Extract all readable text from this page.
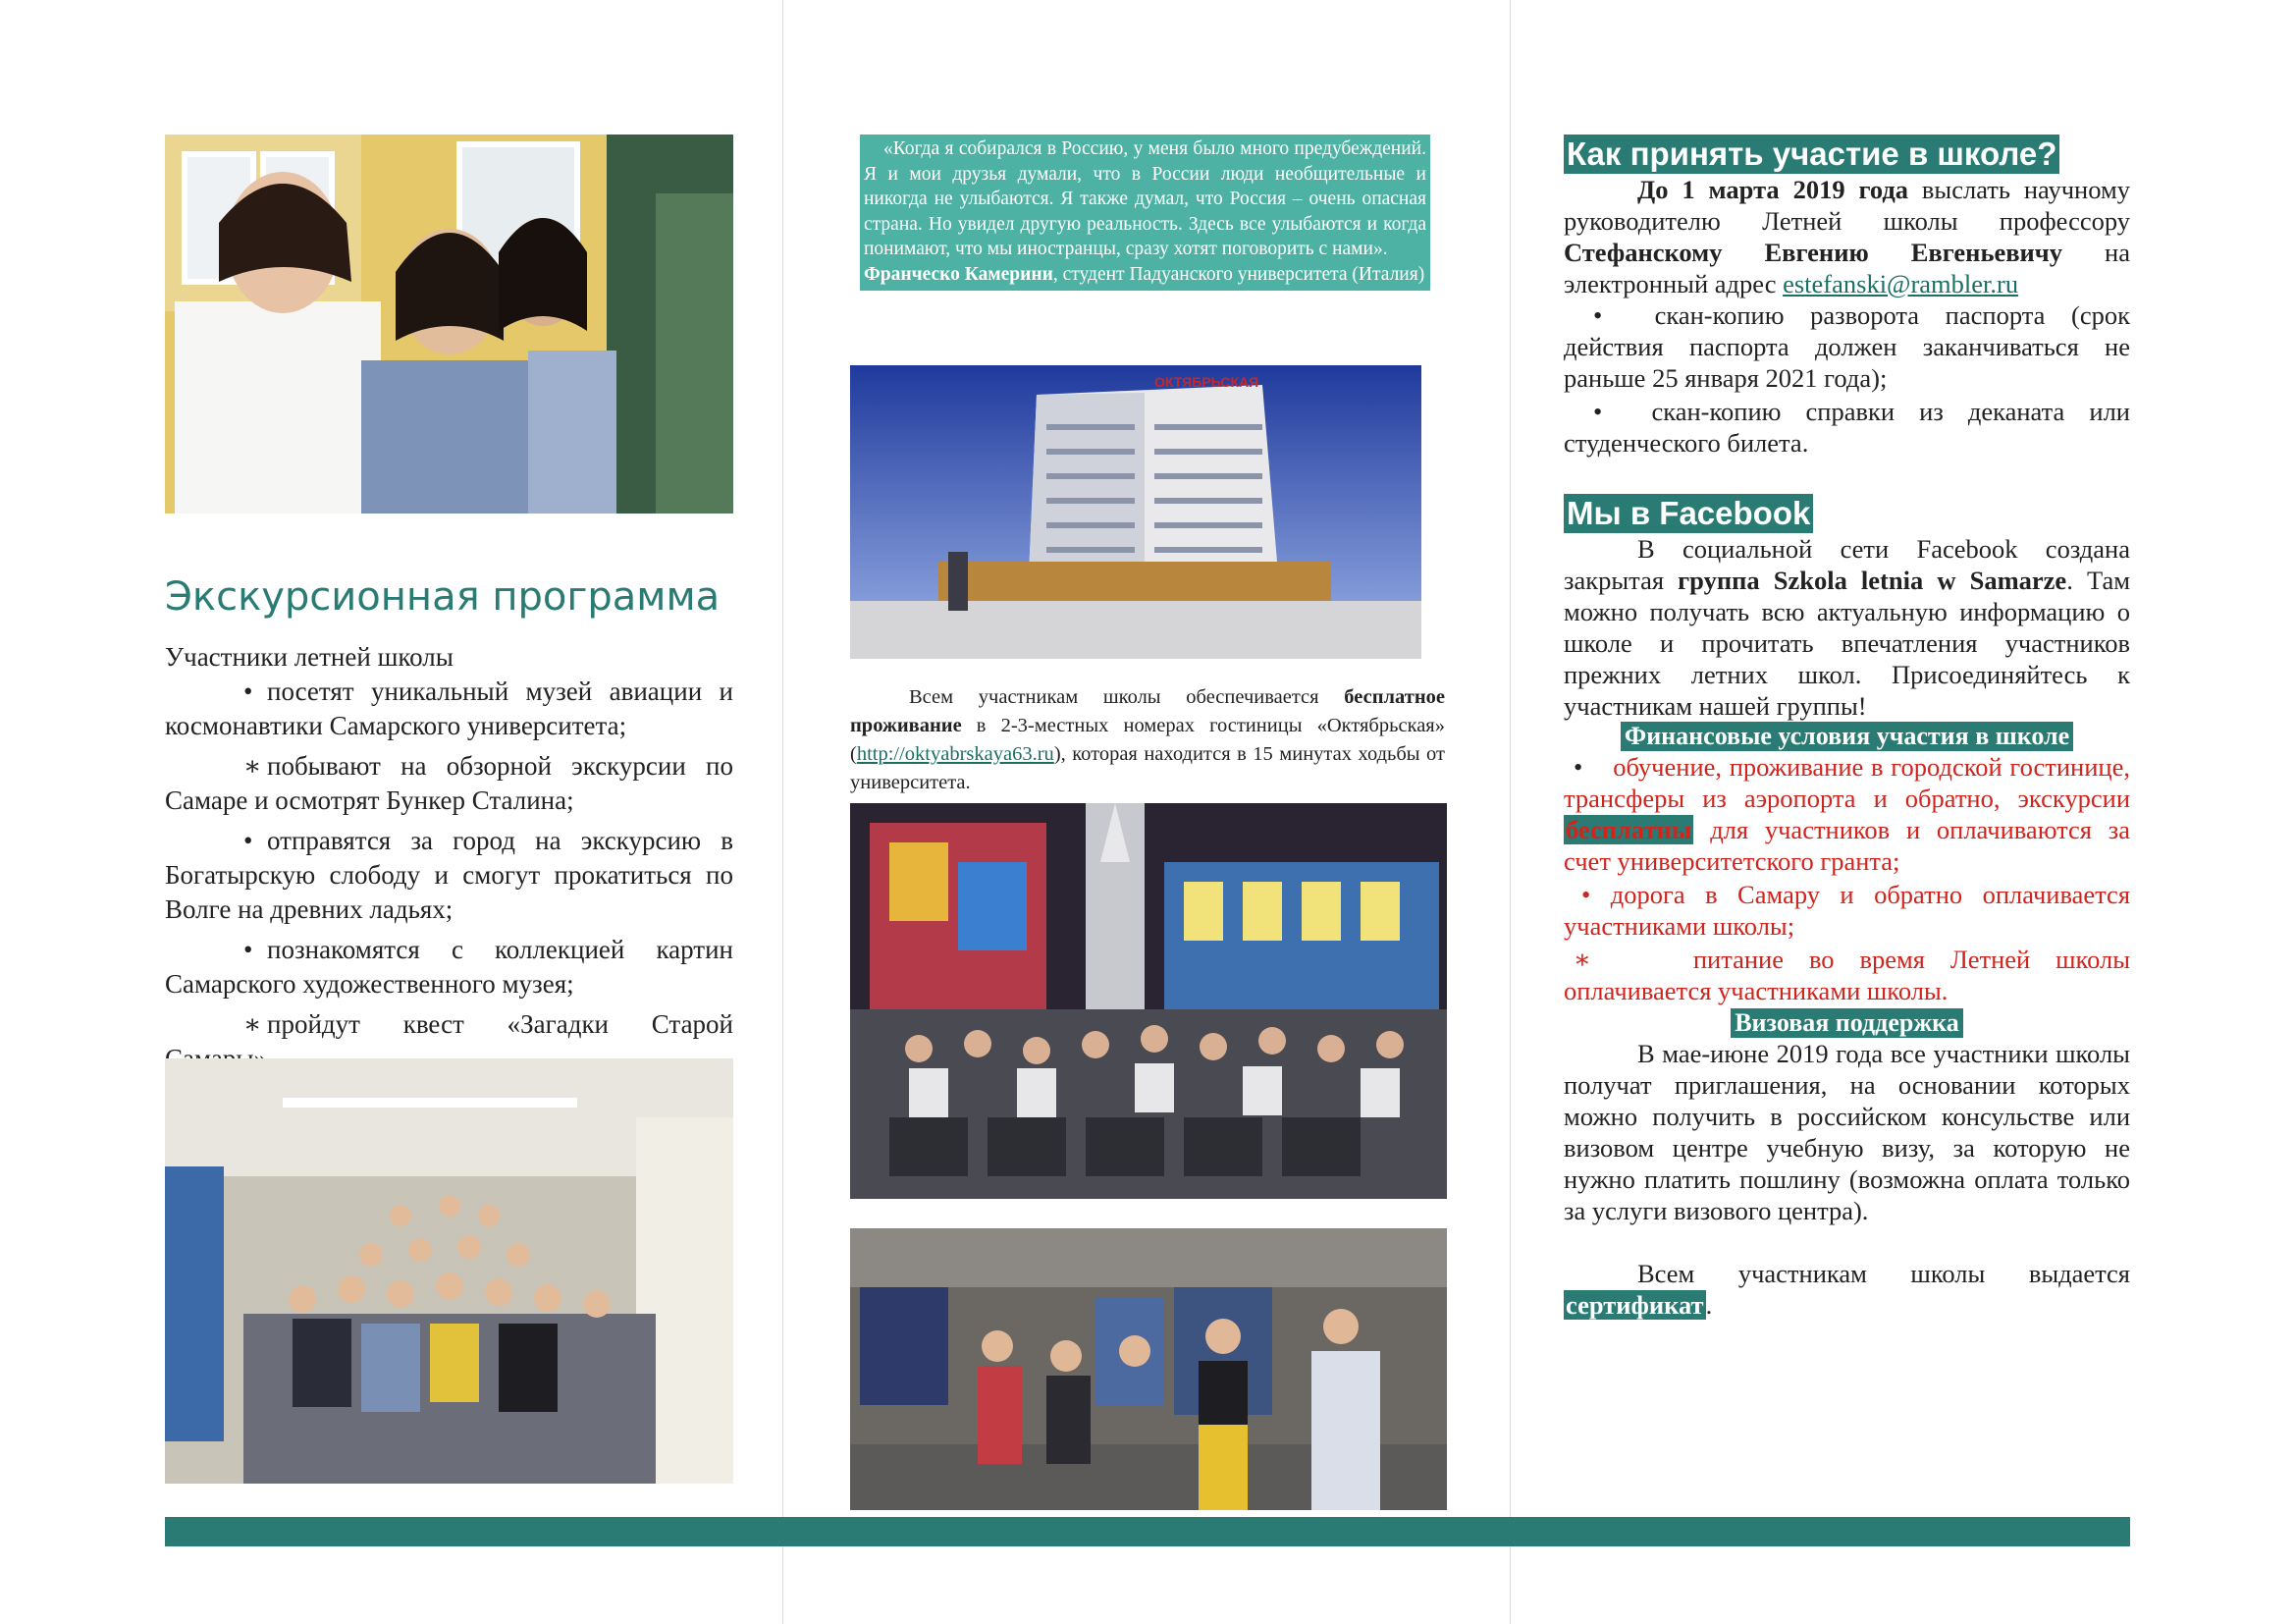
Экскурсионная программа

Участники летней школы

• посетят уникальный музей авиации и космонавтики Самарского университета;

∗ побывают на обзорной экскурсии по Самаре и осмотрят Бункер Сталина;

• отправятся за город на экскурсию в Богатырскую слободу и смогут прокатиться по Волге на древних ладьях;

• познакомятся с коллекцией картин Самарского художественного музея;

∗ пройдут квест «Загадки Старой

«Когда я собирался в Россию, у меня было много предубеждений. Я и мои друзья думали, что в России люди необщительные и никогда не улыбаются. Я также думал, что Россия – очень опасная страна. Но увидел другую реальность. Здесь все улыбаются и когда понимают, что мы иностранцы, сразу хотят поговорить с нами».

Франческо Камерини, студент Падуанского университета (Италия)

ОКТЯБРЬСКАЯ
Всем участникам школы обеспечивается бесплатное проживание в 2-3-местных номерах гостиницы «Октябрьская» (http://oktyabrskaya63.ru), которая находится в 15 минутах ходьбы от университета.
Как принять участие в школе?

До 1 марта 2019 года выслать научному руководителю Летней школы профессору Стефанскому Евгению Евгеньевичу на электронный адрес estefanski@rambler.ru

• скан-копию разворота паспорта (срок действия паспорта должен заканчиваться не раньше 25 января 2021 года);

• скан-копию справки из деканата или студенческого билета.

Мы в Facebook

В социальной сети Facebook создана закрытая группа Szkola letnia w Samarze. Там можно получать всю актуальную информацию о школе и прочитать впечатления участников прежних летних школ. Присоединяйтесь к участникам нашей группы!

Финансовые условия участия в школе

• обучение, проживание в городской гостинице, трансферы из аэропорта и обратно, экскурсии бесплатны для участников и оплачиваются за счет университетского гранта;

• дорога в Самару и обратно оплачивается участниками школы;

∗	питание во время Летней школы оплачивается участниками школы.

Визовая поддержка

В мае-июне 2019 года все участники школы получат приглашения, на основании которых можно получить в российском консульстве или визовом центре учебную визу, за которую не нужно платить пошлину (возможна оплата только за услуги визового центра).

Всем участникам школы выдается сертификат.
